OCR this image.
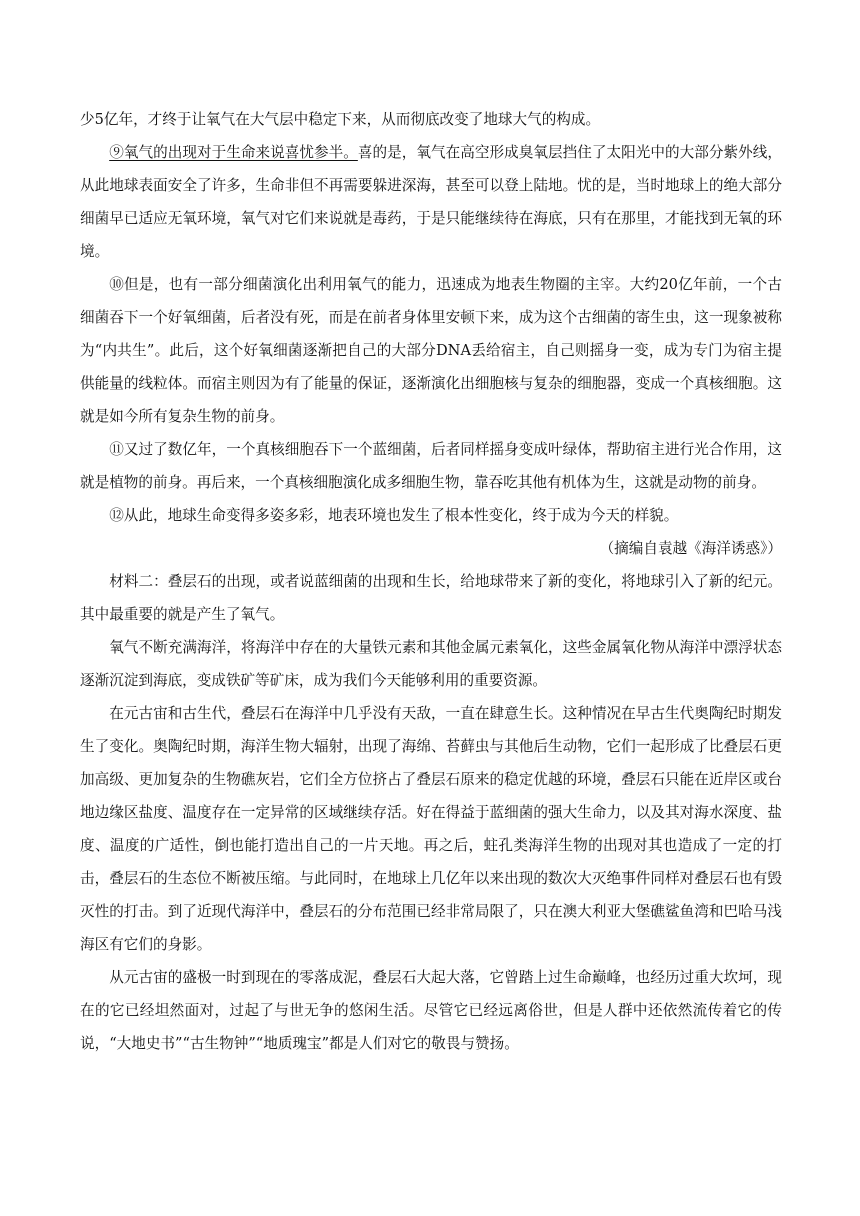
少5亿年，才终于让氧气在大气层中稳定下来，从而彻底改变了地球大气的构成。

⑨氧气的出现对于生命来说喜忧参半。喜的是，氧气在高空形成臭氧层挡住了太阳光中的大部分紫外线，从此地球表面安全了许多，生命非但不再需要躲进深海，甚至可以登上陆地。忧的是，当时地球上的绝大部分细菌早已适应无氧环境，氧气对它们来说就是毒药，于是只能继续待在海底，只有在那里，才能找到无氧的环境。

⑩但是，也有一部分细菌演化出利用氧气的能力，迅速成为地表生物圈的主宰。大约20亿年前，一个古细菌吞下一个好氧细菌，后者没有死，而是在前者身体里安顿下来，成为这个古细菌的寄生虫，这一现象被称为“内共生”。此后，这个好氧细菌逐渐把自己的大部分DNA丢给宿主，自己则摇身一变，成为专门为宿主提供能量的线粒体。而宿主则因为有了能量的保证，逐渐演化出细胞核与复杂的细胞器，变成一个真核细胞。这就是如今所有复杂生物的前身。

⑪又过了数亿年，一个真核细胞吞下一个蓝细菌，后者同样摇身变成叶绿体，帮助宿主进行光合作用，这就是植物的前身。再后来，一个真核细胞演化成多细胞生物，靠吞吃其他有机体为生，这就是动物的前身。

⑫从此，地球生命变得多姿多彩，地表环境也发生了根本性变化，终于成为今天的样貌。

（摘编自袁越《海洋诱惑》）

材料二：叠层石的出现，或者说蓝细菌的出现和生长，给地球带来了新的变化，将地球引入了新的纪元。其中最重要的就是产生了氧气。

氧气不断充满海洋，将海洋中存在的大量铁元素和其他金属元素氧化，这些金属氧化物从海洋中漂浮状态逐渐沉淀到海底，变成铁矿等矿床，成为我们今天能够利用的重要资源。

在元古宙和古生代，叠层石在海洋中几乎没有天敌，一直在肆意生长。这种情况在早古生代奥陶纪时期发生了变化。奥陶纪时期，海洋生物大辐射，出现了海绵、苔藓虫与其他后生动物，它们一起形成了比叠层石更加高级、更加复杂的生物礁灰岩，它们全方位挤占了叠层石原来的稳定优越的环境，叠层石只能在近岸区或台地边缘区盐度、温度存在一定异常的区域继续存活。好在得益于蓝细菌的强大生命力，以及其对海水深度、盐度、温度的广适性，倒也能打造出自己的一片天地。再之后，蛀孔类海洋生物的出现对其也造成了一定的打击，叠层石的生态位不断被压缩。与此同时，在地球上几亿年以来出现的数次大灭绝事件同样对叠层石也有毁灭性的打击。到了近现代海洋中，叠层石的分布范围已经非常局限了，只在澳大利亚大堡礁鲨鱼湾和巴哈马浅海区有它们的身影。

从元古宙的盛极一时到现在的零落成泥，叠层石大起大落，它曾踏上过生命巅峰，也经历过重大坎坷，现在的它已经坦然面对，过起了与世无争的悠闲生活。尽管它已经远离俗世，但是人群中还依然流传着它的传说，“大地史书”“古生物钟”“地质瑰宝”都是人们对它的敬畏与赞扬。
